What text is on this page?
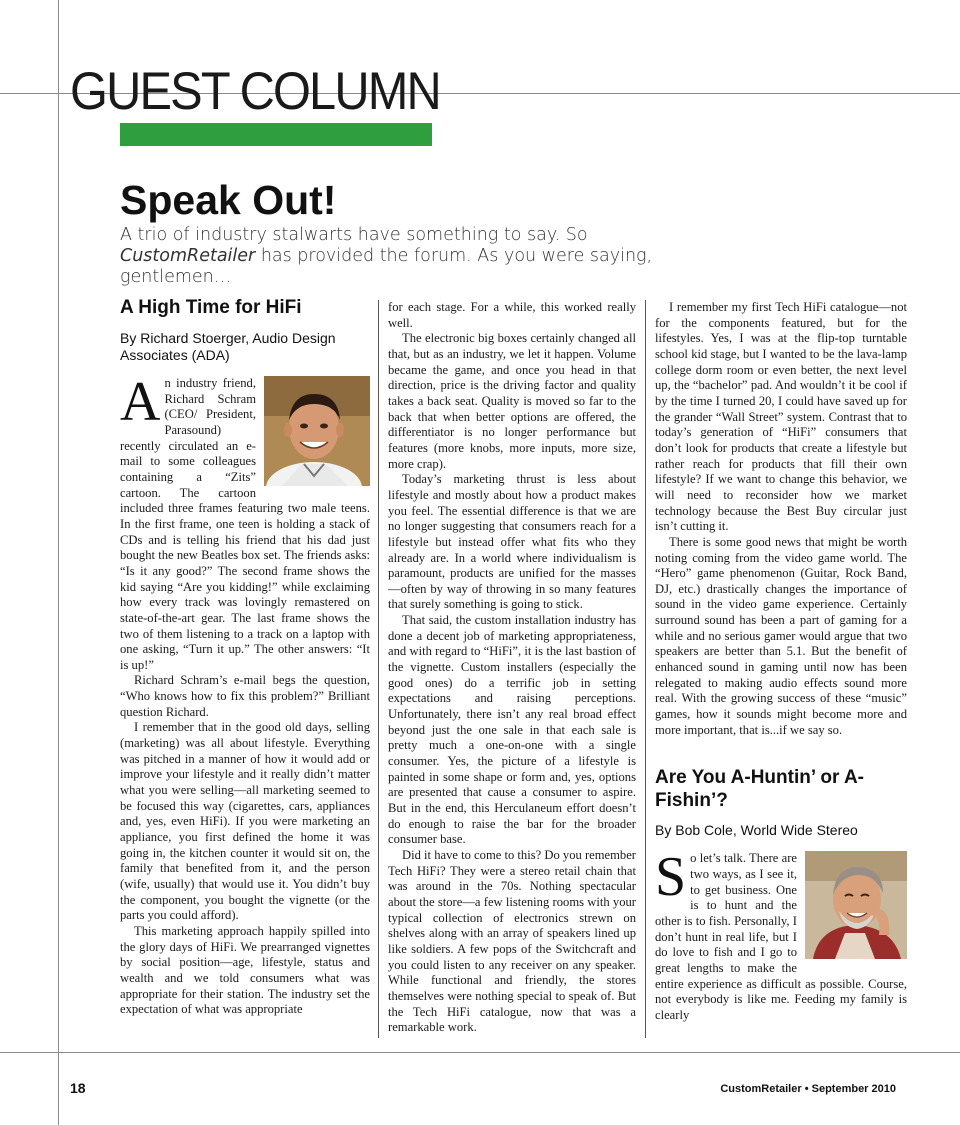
GUEST COLUMN
Speak Out!

A trio of industry stalwarts have something to say. So CustomRetailer has provided the forum. As you were saying, gentlemen…

A High Time for HiFi
By Richard Stoerger, Audio Design Associates (ADA)

An industry friend, Richard Schram (CEO/ President, Parasound) recently circulated an e-mail to some colleagues containing a “Zits” cartoon. The cartoon included three frames featuring two male teens. In the first frame, one teen is holding a stack of CDs and is telling his friend that his dad just bought the new Beatles box set. The friends asks: “Is it any good?” The second frame shows the kid saying “Are you kidding!” while exclaiming how every track was lovingly remastered on state-of-the-art gear. The last frame shows the two of them listening to a track on a laptop with one asking, “Turn it up.” The other answers: “It is up!”

Richard Schram’s e-mail begs the question, “Who knows how to fix this problem?” Brilliant question Richard.

I remember that in the good old days, selling (marketing) was all about lifestyle. Everything was pitched in a manner of how it would add or improve your lifestyle and it really didn’t matter what you were selling—all marketing seemed to be focused this way (cigarettes, cars, appliances and, yes, even HiFi). If you were marketing an appliance, you first defined the home it was going in, the kitchen counter it would sit on, the family that benefited from it, and the person (wife, usually) that would use it. You didn’t buy the component, you bought the vignette (or the parts you could afford).

This marketing approach happily spilled into the glory days of HiFi. We prearranged vignettes by social position—age, lifestyle, status and wealth and we told consumers what was appropriate for their station. The industry set the expectation of what was appropriate

for each stage. For a while, this worked really well.

The electronic big boxes certainly changed all that, but as an industry, we let it happen. Volume became the game, and once you head in that direction, price is the driving factor and quality takes a back seat. Quality is moved so far to the back that when better options are offered, the differentiator is no longer performance but features (more knobs, more inputs, more size, more crap).

Today’s marketing thrust is less about lifestyle and mostly about how a product makes you feel. The essential difference is that we are no longer suggesting that consumers reach for a lifestyle but instead offer what fits who they already are. In a world where individualism is paramount, products are unified for the masses—often by way of throwing in so many features that surely something is going to stick.

That said, the custom installation industry has done a decent job of marketing appropriateness, and with regard to “HiFi”, it is the last bastion of the vignette. Custom installers (especially the good ones) do a terrific job in setting expectations and raising perceptions. Unfortunately, there isn’t any real broad effect beyond just the one sale in that each sale is pretty much a one-on-one with a single consumer. Yes, the picture of a lifestyle is painted in some shape or form and, yes, options are presented that cause a consumer to aspire. But in the end, this Herculaneum effort doesn’t do enough to raise the bar for the broader consumer base.

Did it have to come to this? Do you remember Tech HiFi? They were a stereo retail chain that was around in the 70s. Nothing spectacular about the store—a few listening rooms with your typical collection of electronics strewn on shelves along with an array of speakers lined up like soldiers. A few pops of the Switchcraft and you could listen to any receiver on any speaker. While functional and friendly, the stores themselves were nothing special to speak of. But the Tech HiFi catalogue, now that was a remarkable work.

I remember my first Tech HiFi catalogue—not for the components featured, but for the lifestyles. Yes, I was at the flip-top turntable school kid stage, but I wanted to be the lava-lamp college dorm room or even better, the next level up, the “bachelor” pad. And wouldn’t it be cool if by the time I turned 20, I could have saved up for the grander “Wall Street” system. Contrast that to today’s generation of “HiFi” consumers that don’t look for products that create a lifestyle but rather reach for products that fill their own lifestyle? If we want to change this behavior, we will need to reconsider how we market technology because the Best Buy circular just isn’t cutting it.

There is some good news that might be worth noting coming from the video game world. The “Hero” game phenomenon (Guitar, Rock Band, DJ, etc.) drastically changes the importance of sound in the video game experience. Certainly surround sound has been a part of gaming for a while and no serious gamer would argue that two speakers are better than 5.1. But the benefit of enhanced sound in gaming until now has been relegated to making audio effects sound more real. With the growing success of these “music” games, how it sounds might become more and more important, that is...if we say so.

Are You A-Huntin’ or A-Fishin’?
By Bob Cole, World Wide Stereo

So let’s talk. There are two ways, as I see it, to get business. One is to hunt and the other is to fish. Personally, I don’t hunt in real life, but I do love to fish and I go to great lengths to make the entire experience as difficult as possible. Course, not everybody is like me. Feeding my family is clearly

18	CustomRetailer • September 2010
